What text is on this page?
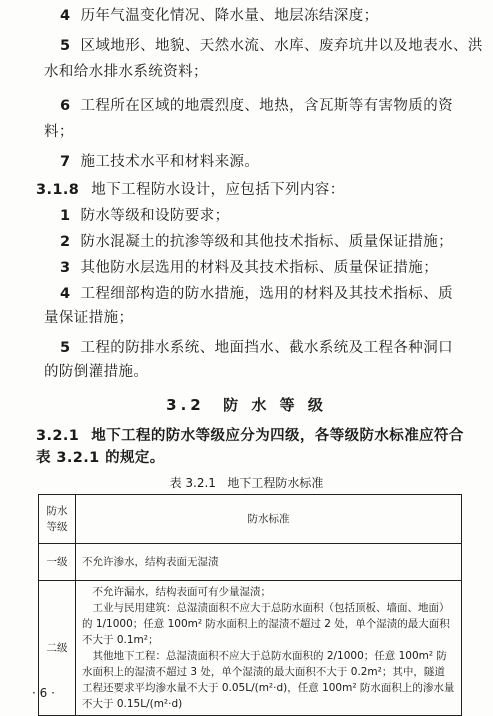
4 历年气温变化情况、降水量、地层冻结深度；
5 区域地形、地貌、天然水流、水库、废弃坑井以及地表水、洪
水和给水排水系统资料；
6 工程所在区域的地震烈度、地热，含瓦斯等有害物质的资
料；
7 施工技术水平和材料来源。
3.1.8 地下工程防水设计，应包括下列内容：
1 防水等级和设防要求；
2 防水混凝土的抗渗等级和其他技术指标、质量保证措施；
3 其他防水层选用的材料及其技术指标、质量保证措施；
4 工程细部构造的防水措施，选用的材料及其技术指标、质
量保证措施；
5 工程的防排水系统、地面挡水、截水系统及工程各种洞口
的防倒灌措施。
3.2 防 水 等 级
3.2.1 地下工程的防水等级应分为四级，各等级防水标准应符合
表 3.2.1 的规定。
表 3.2.1 地下工程防水标准
防水
等级	防水标准
一级	不允许渗水，结构表面无湿渍

二级	不允许漏水，结构表面可有少量湿渍；

工业与民用建筑：总湿渍面积不应大于总防水面积（包括顶板、墙面、地面）的 1/1000；任意 100m² 防水面积上的湿渍不超过 2 处，单个湿渍的最大面积不大于 0.1m²；

其他地下工程：总湿渍面积不应大于总防水面积的 2/1000；任意 100m² 防水面积上的湿渍不超过 3 处，单个湿渍的最大面积不大于 0.2m²；其中，隧道工程还要求平均渗水量不大于 0.05L/(m²·d)，任意 100m² 防水面积上的渗水量不大于 0.15L/(m²·d)

· 6 ·
